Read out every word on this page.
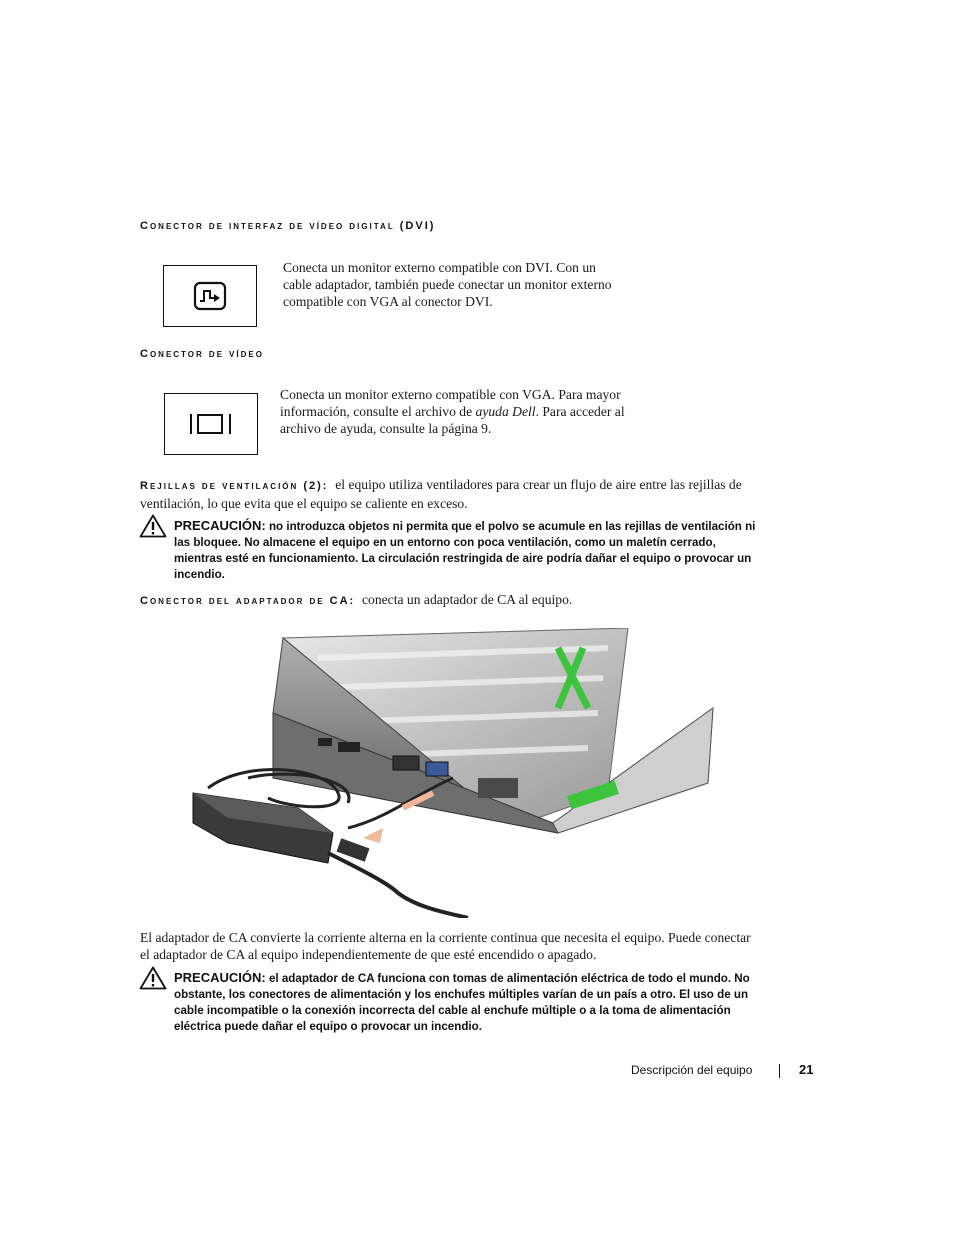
Conector de interfaz de vídeo digital (DVI)
Conecta un monitor externo compatible con DVI. Con un cable adaptador, también puede conectar un monitor externo compatible con VGA al conector DVI.
Conector de vídeo
Conecta un monitor externo compatible con VGA. Para mayor información, consulte el archivo de ayuda Dell. Para acceder al archivo de ayuda, consulte la página 9.
Rejillas de ventilación (2): el equipo utiliza ventiladores para crear un flujo de aire entre las rejillas de ventilación, lo que evita que el equipo se caliente en exceso.
PRECAUCIÓN: no introduzca objetos ni permita que el polvo se acumule en las rejillas de ventilación ni las bloquee. No almacene el equipo en un entorno con poca ventilación, como un maletín cerrado, mientras esté en funcionamiento. La circulación restringida de aire podría dañar el equipo o provocar un incendio.
Conector del adaptador de CA: conecta un adaptador de CA al equipo.
El adaptador de CA convierte la corriente alterna en la corriente continua que necesita el equipo. Puede conectar el adaptador de CA al equipo independientemente de que esté encendido o apagado.
PRECAUCIÓN: el adaptador de CA funciona con tomas de alimentación eléctrica de todo el mundo. No obstante, los conectores de alimentación y los enchufes múltiples varían de un país a otro. El uso de un cable incompatible o la conexión incorrecta del cable al enchufe múltiple o a la toma de alimentación eléctrica puede dañar el equipo o provocar un incendio.
Descripción del equipo	21
